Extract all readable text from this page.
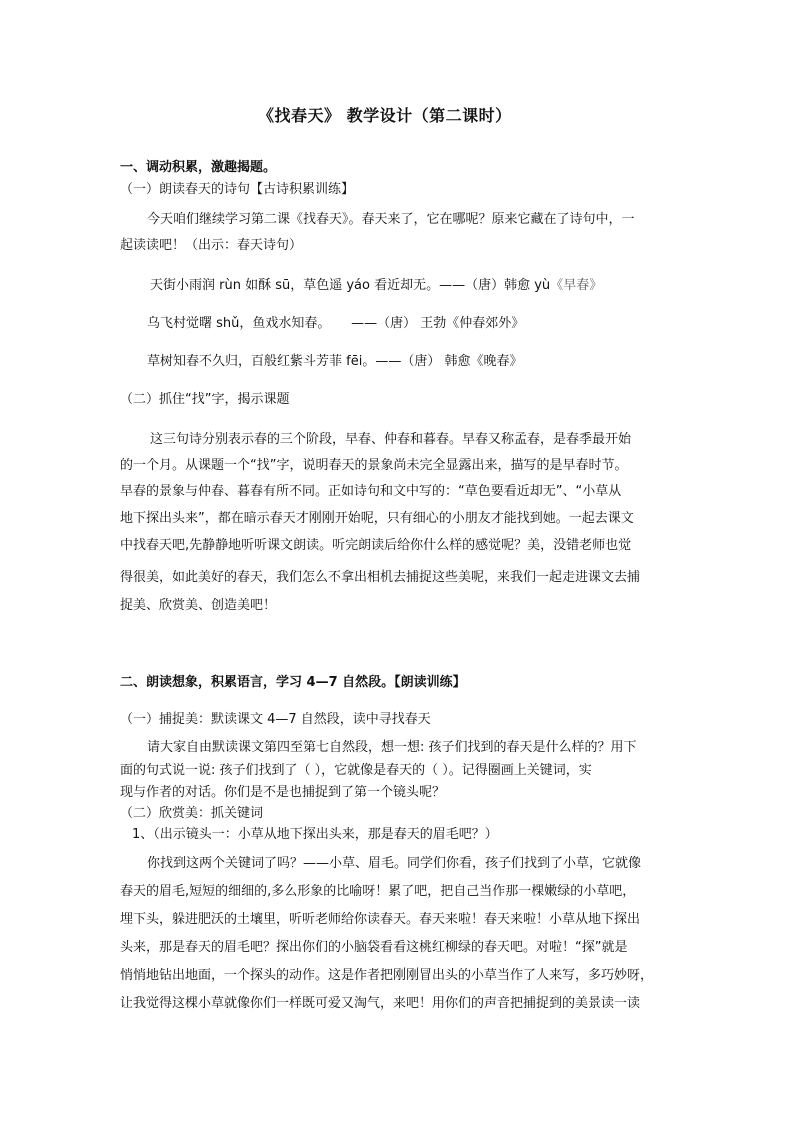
《找春天》 教学设计（第二课时）
一、调动积累，激趣揭题。
（一）朗读春天的诗句【古诗积累训练】
今天咱们继续学习第二课《找春天》。春天来了，它在哪呢？原来它藏在了诗句中，一
起读读吧！（出示：春天诗句）
天街小雨润 rùn 如酥 sū，草色遥 yáo 看近却无。——（唐）韩愈 yù《早春》
乌飞村觉曙 shǔ，鱼戏水知春。 ——（唐） 王勃《仲春郊外》
草树知春不久归，百般红紫斗芳菲 fēi。——（唐） 韩愈《晚春》
（二）抓住“找”字，揭示课题
这三句诗分别表示春的三个阶段，早春、仲春和暮春。早春又称孟春，是春季最开始
的一个月。从课题一个“找”字，说明春天的景象尚未完全显露出来，描写的是早春时节。
早春的景象与仲春、暮春有所不同。正如诗句和文中写的：“草色要看近却无”、“小草从
地下探出头来”，都在暗示春天才刚刚开始呢，只有细心的小朋友才能找到她。一起去课文
中找春天吧,先静静地听听课文朗读。听完朗读后给你什么样的感觉呢？美，没错老师也觉
得很美，如此美好的春天，我们怎么不拿出相机去捕捉这些美呢，来我们一起走进课文去捕
捉美、欣赏美、创造美吧！
二、朗读想象，积累语言，学习 4—7 自然段。【朗读训练】
（一）捕捉美：默读课文 4—7 自然段，读中寻找春天
请大家自由默读课文第四至第七自然段，想一想: 孩子们找到的春天是什么样的？用下
面的句式说一说: 孩子们找到了（ ），它就像是春天的（ ）。记得圈画上关键词，实
现与作者的对话。你们是不是也捕捉到了第一个镜头呢？
（二）欣赏美：抓关键词
1、（出示镜头一：小草从地下探出头来，那是春天的眉毛吧？）
你找到这两个关键词了吗？——小草、眉毛。同学们你看，孩子们找到了小草，它就像
春天的眉毛,短短的细细的,多么形象的比喻呀！累了吧，把自己当作那一棵嫩绿的小草吧，
埋下头，躲进肥沃的土壤里，听听老师给你读春天。春天来啦！春天来啦！小草从地下探出
头来，那是春天的眉毛吧？探出你们的小脑袋看看这桃红柳绿的春天吧。对啦！“探”就是
悄悄地钻出地面，一个探头的动作。这是作者把刚刚冒出头的小草当作了人来写，多巧妙呀，
让我觉得这棵小草就像你们一样既可爱又淘气，来吧！用你们的声音把捕捉到的美景读一读
